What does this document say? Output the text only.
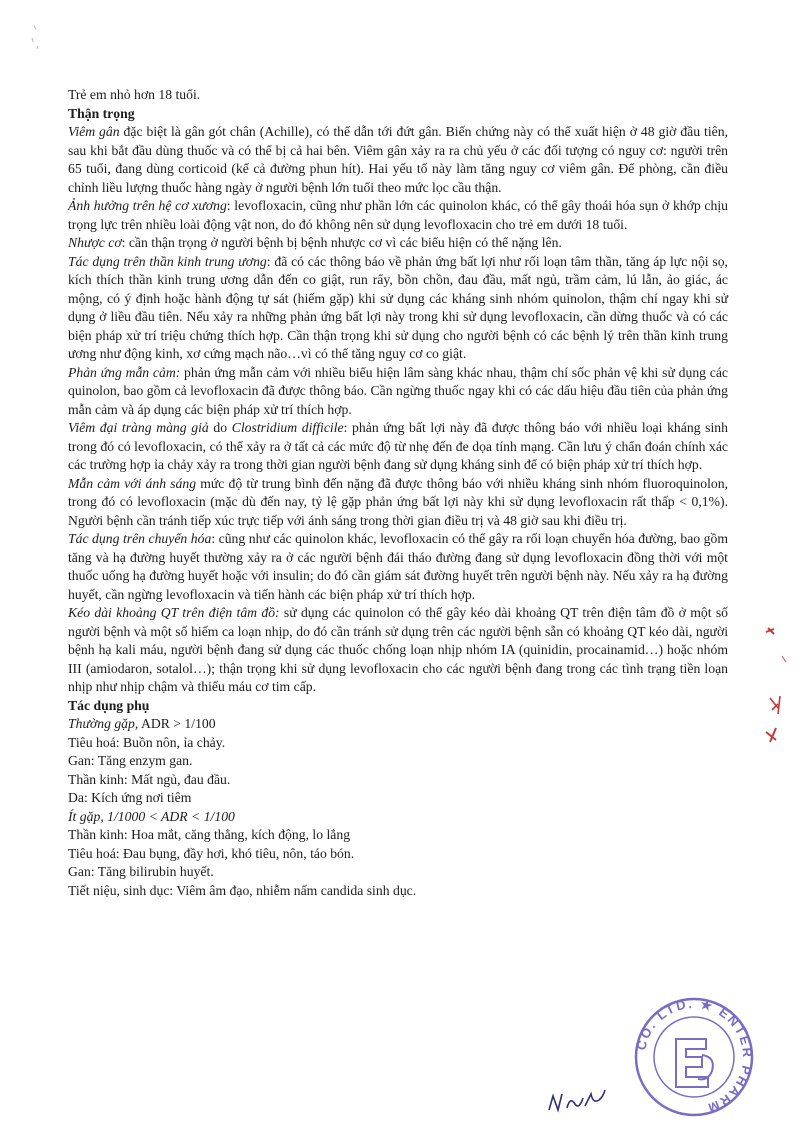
Trẻ em nhỏ hơn 18 tuổi.

Thận trọng

Viêm gân đặc biệt là gân gót chân (Achille), có thể dẫn tới đứt gân. Biến chứng này có thể xuất hiện ở 48 giờ đầu tiên, sau khi bắt đầu dùng thuốc và có thể bị cả hai bên. Viêm gân xảy ra ra chủ yếu ở các đối tượng có nguy cơ: người trên 65 tuổi, đang dùng corticoid (kể cả đường phun hít). Hai yếu tố này làm tăng nguy cơ viêm gân. Để phòng, cần điều chỉnh liều lượng thuốc hàng ngày ở người bệnh lớn tuổi theo mức lọc cầu thận.

Ảnh hưởng trên hệ cơ xương: levofloxacin, cũng như phần lớn các quinolon khác, có thể gây thoái hóa sụn ở khớp chịu trọng lực trên nhiều loài động vật non, do đó không nên sử dụng levofloxacin cho trẻ em dưới 18 tuổi.

Nhược cơ: cần thận trọng ở người bệnh bị bệnh nhược cơ vì các biểu hiện có thể nặng lên.

Tác dụng trên thần kinh trung ương: đã có các thông báo về phản ứng bất lợi như rối loạn tâm thần, tăng áp lực nội sọ, kích thích thần kinh trung ương dẫn đến co giật, run rẩy, bồn chồn, đau đầu, mất ngủ, trầm cảm, lú lẫn, ảo giác, ác mộng, có ý định hoặc hành động tự sát (hiếm gặp) khi sử dụng các kháng sinh nhóm quinolon, thậm chí ngay khi sử dụng ở liều đầu tiên. Nếu xảy ra những phản ứng bất lợi này trong khi sử dụng levofloxacin, cần dừng thuốc và có các biện pháp xử trí triệu chứng thích hợp. Cần thận trọng khi sử dụng cho người bệnh có các bệnh lý trên thần kinh trung ương như động kinh, xơ cứng mạch não…vì có thể tăng nguy cơ co giật.

Phản ứng mẫn cảm: phản ứng mẫn cảm với nhiều biểu hiện lâm sàng khác nhau, thậm chí sốc phản vệ khi sử dụng các quinolon, bao gồm cả levofloxacin đã được thông báo. Cần ngừng thuốc ngay khi có các dấu hiệu đầu tiên của phản ứng mẫn cảm và áp dụng các biện pháp xử trí thích hợp.

Viêm đại tràng màng giả do Clostridium difficile: phản ứng bất lợi này đã được thông báo với nhiều loại kháng sinh trong đó có levofloxacin, có thể xảy ra ở tất cả các mức độ từ nhẹ đến đe dọa tính mạng. Cần lưu ý chẩn đoán chính xác các trường hợp ỉa chảy xảy ra trong thời gian người bệnh đang sử dụng kháng sinh để có biện pháp xử trí thích hợp.

Mẫn cảm với ánh sáng mức độ từ trung bình đến nặng đã được thông báo với nhiều kháng sinh nhóm fluoroquinolon, trong đó có levofloxacin (mặc dù đến nay, tỷ lệ gặp phản ứng bất lợi này khi sử dụng levofloxacin rất thấp < 0,1%). Người bệnh cần tránh tiếp xúc trực tiếp với ánh sáng trong thời gian điều trị và 48 giờ sau khi điều trị.

Tác dụng trên chuyển hóa: cũng như các quinolon khác, levofloxacin có thể gây ra rối loạn chuyển hóa đường, bao gồm tăng và hạ đường huyết thường xảy ra ở các người bệnh đái tháo đường đang sử dụng levofloxacin đồng thời với một thuốc uống hạ đường huyết hoặc với insulin; do đó cần giám sát đường huyết trên người bệnh này. Nếu xảy ra hạ đường huyết, cần ngừng levofloxacin và tiến hành các biện pháp xử trí thích hợp.

Kéo dài khoảng QT trên điện tâm đồ: sử dụng các quinolon có thể gây kéo dài khoảng QT trên điện tâm đồ ở một số người bệnh và một số hiếm ca loạn nhịp, do đó cần tránh sử dụng trên các người bệnh sẵn có khoảng QT kéo dài, người bệnh hạ kali máu, người bệnh đang sử dụng các thuốc chống loạn nhịp nhóm IA (quinidin, procainamid…) hoặc nhóm III (amiodaron, sotalol…); thận trọng khi sử dụng levofloxacin cho các người bệnh đang trong các tình trạng tiền loạn nhịp như nhịp chậm và thiếu máu cơ tim cấp.

Tác dụng phụ

Thường gặp, ADR > 1/100

Tiêu hoá: Buồn nôn, ỉa chảy.

Gan: Tăng enzym gan.

Thần kinh: Mất ngủ, đau đầu.

Da: Kích ứng nơi tiêm

Ít gặp, 1/1000 < ADR < 1/100

Thần kinh: Hoa mắt, căng thẳng, kích động, lo lắng

Tiêu hoá: Đau bụng, đầy hơi, khó tiêu, nôn, táo bón.

Gan: Tăng bilirubin huyết.

Tiết niệu, sinh dục: Viêm âm đạo, nhiễm nấm candida sinh dục.

CO. LTD. ★ ENTER PHARM
